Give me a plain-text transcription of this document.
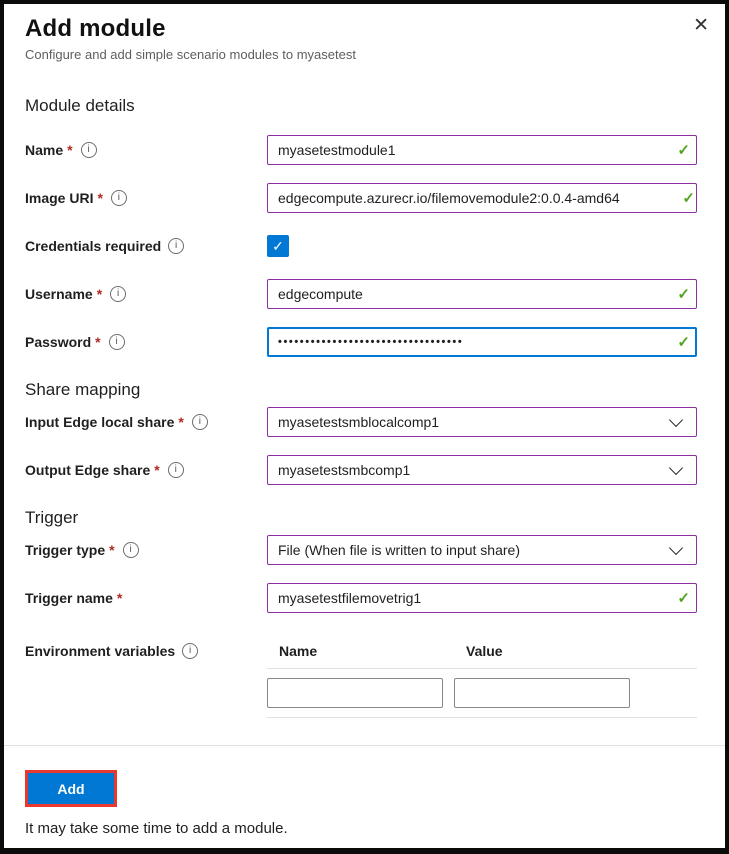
Add module
Configure and add simple scenario modules to myasetest
✕
Module details
Name *	i
myasetestmodule1	✓
Image URI *	i
edgecompute.azurecr.io/filemovemodule2:0.0.4-amd64	✓
Credentials required	i	✓
Username *	i
edgecompute	✓
Password *	i
••••••••••••••••••••••••••••••••••	✓
Share mapping
Input Edge local share *	i	myasetestsmblocalcomp1
Output Edge share *	i	myasetestsmbcomp1
Trigger
Trigger type *	i	File (When file is written to input share)
Trigger name *
myasetestfilemovetrig1	✓
Environment variables	i	Name	Value
Add

It may take some time to add a module.
